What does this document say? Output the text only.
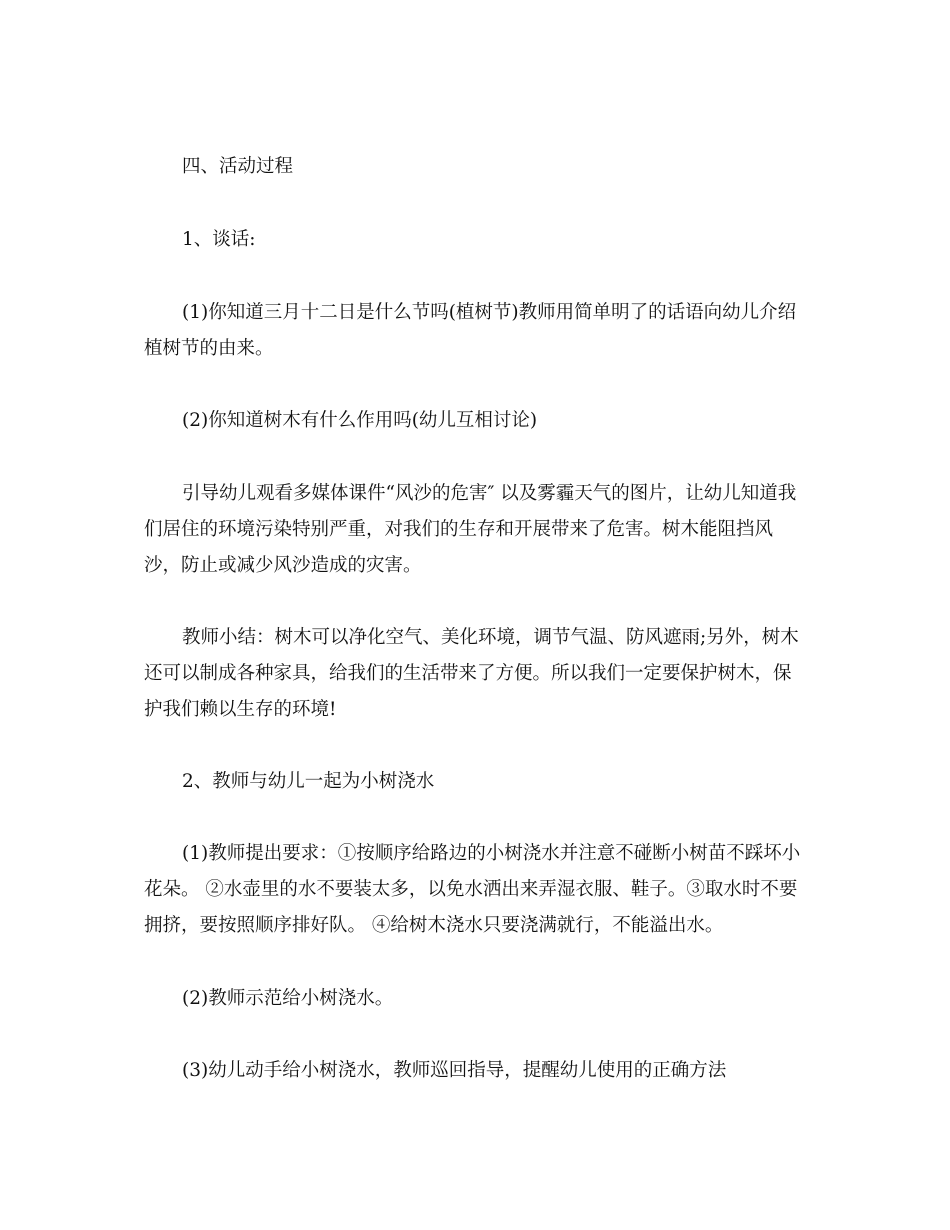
四、活动过程

1、谈话:

(1)你知道三月十二日是什么节吗(植树节)教师用简单明了的话语向幼儿介绍植树节的由来。

(2)你知道树木有什么作用吗(幼儿互相讨论)

引导幼儿观看多媒体课件“风沙的危害″ 以及雾霾天气的图片，让幼儿知道我们居住的环境污染特别严重，对我们的生存和开展带来了危害。树木能阻挡风沙，防止或减少风沙造成的灾害。

教师小结：树木可以净化空气、美化环境，调节气温、防风遮雨;另外，树木还可以制成各种家具，给我们的生活带来了方便。所以我们一定要保护树木，保护我们赖以生存的环境!

2、教师与幼儿一起为小树浇水

(1)教师提出要求：①按顺序给路边的小树浇水并注意不碰断小树苗不踩坏小花朵。 ②水壶里的水不要装太多，以免水洒出来弄湿衣服、鞋子。③取水时不要拥挤，要按照顺序排好队。 ④给树木浇水只要浇满就行，不能溢出水。

(2)教师示范给小树浇水。

(3)幼儿动手给小树浇水，教师巡回指导，提醒幼儿使用的正确方法
